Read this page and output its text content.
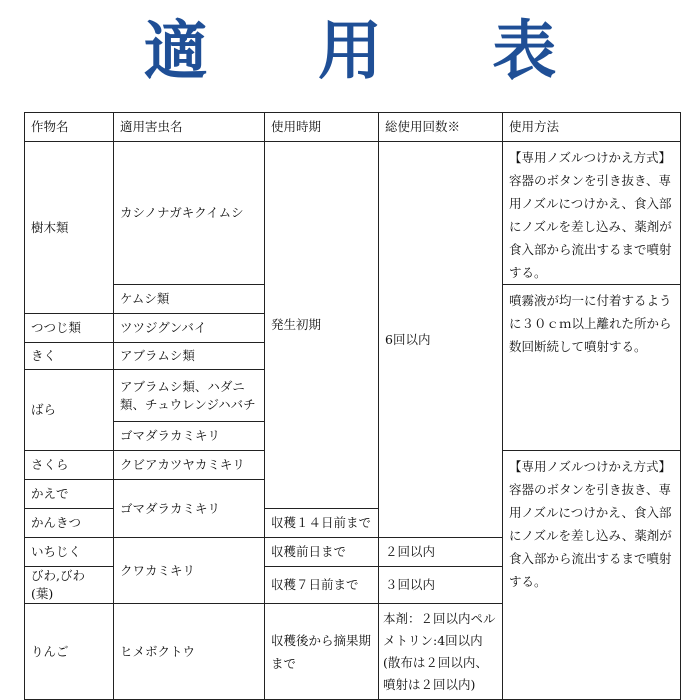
適 用 表
作物名	適用害虫名	使用時期	総使用回数※	使用方法
樹木類	カシノナガキクイムシ	発生初期	6回以内	【専用ノズルつけかえ方式】容器のボタンを引き抜き、専用ノズルにつけかえ、食入部にノズルを差し込み、薬剤が食入部から流出するまで噴射する。
	ケムシ類			噴霧液が均一に付着するように３０ｃｍ以上離れた所から数回断続して噴射する。
つつじ類	ツツジグンバイ			
きく	アブラムシ類			
ばら	アブラムシ類、ハダニ類、チュウレンジハバチ			
	ゴマダラカミキリ			
さくら	クビアカツヤカミキリ			【専用ノズルつけかえ方式】容器のボタンを引き抜き、専用ノズルにつけかえ、食入部にノズルを差し込み、薬剤が食入部から流出するまで噴射する。
かえで	ゴマダラカミキリ			
かんきつ		収穫１４日前まで		
いちじく	クワカミキリ	収穫前日まで	２回以内	
びわ,びわ(葉)		収穫７日前まで	３回以内	
りんご	ヒメボクトウ	収穫後から摘果期まで	本剤：２回以内ペルメトリン:4回以内(散布は２回以内、噴射は２回以内)	
